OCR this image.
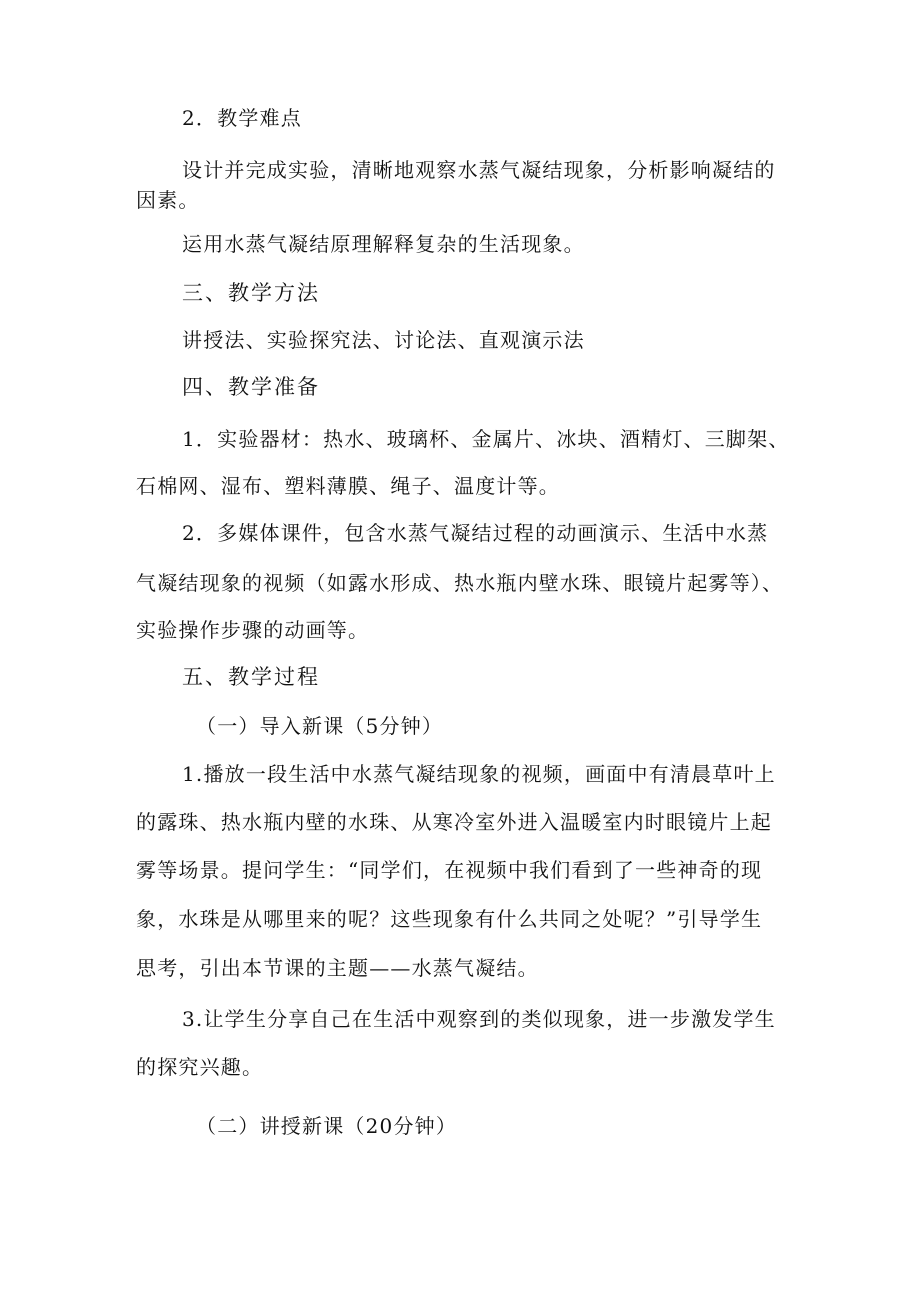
2．教学难点
设计并完成实验，清晰地观察水蒸气凝结现象，分析影响凝结的
因素。
运用水蒸气凝结原理解释复杂的生活现象。
三、教学方法
讲授法、实验探究法、讨论法、直观演示法
四、教学准备
1．实验器材：热水、玻璃杯、金属片、冰块、酒精灯、三脚架、
石棉网、湿布、塑料薄膜、绳子、温度计等。
2．多媒体课件，包含水蒸气凝结过程的动画演示、生活中水蒸
气凝结现象的视频（如露水形成、热水瓶内壁水珠、眼镜片起雾等）、
实验操作步骤的动画等。
五、教学过程
（一）导入新课（5分钟）
1.播放一段生活中水蒸气凝结现象的视频，画面中有清晨草叶上
的露珠、热水瓶内壁的水珠、从寒冷室外进入温暖室内时眼镜片上起
雾等场景。提问学生：“同学们，在视频中我们看到了一些神奇的现
象，水珠是从哪里来的呢？这些现象有什么共同之处呢？”引导学生
思考，引出本节课的主题——水蒸气凝结。
3.让学生分享自己在生活中观察到的类似现象，进一步激发学生
的探究兴趣。
（二）讲授新课（20分钟）
